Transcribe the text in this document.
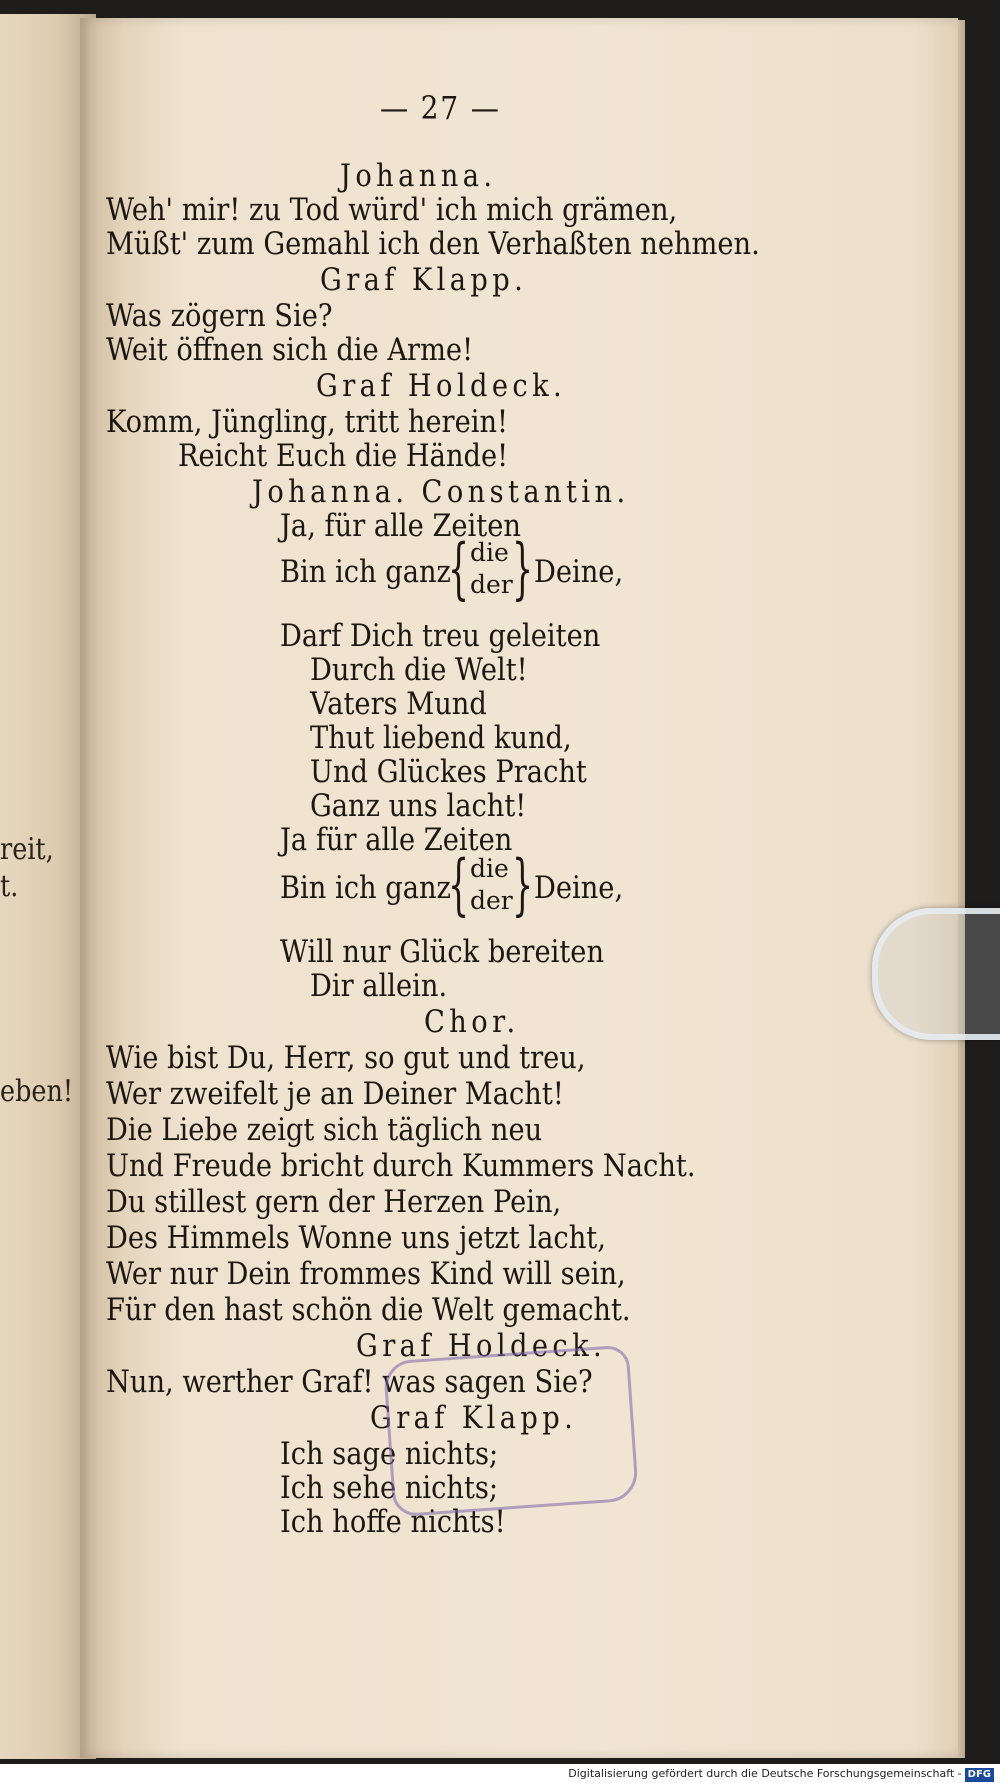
reit,
t.
eben!
— 27 —
Johanna.
Weh' mir! zu Tod würd' ich mich grämen,
Müßt' zum Gemahl ich den Verhaßten nehmen.
Graf Klapp.
Was zögern Sie?
Weit öffnen sich die Arme!
Graf Holdeck.
Komm, Jüngling, tritt herein!
Reicht Euch die Hände!
Johanna. Constantin.
Ja, für alle Zeiten
Bin ich ganz
{ die
der } Deine,
Darf Dich treu geleiten
Durch die Welt!
Vaters Mund
Thut liebend kund,
Und Glückes Pracht
Ganz uns lacht!
Ja für alle Zeiten
Bin ich ganz
{ die
der } Deine,
Will nur Glück bereiten
Dir allein.
Chor.
Wie bist Du, Herr, so gut und treu,
Wer zweifelt je an Deiner Macht!
Die Liebe zeigt sich täglich neu
Und Freude bricht durch Kummers Nacht.
Du stillest gern der Herzen Pein,
Des Himmels Wonne uns jetzt lacht,
Wer nur Dein frommes Kind will sein,
Für den hast schön die Welt gemacht.
Graf Holdeck.
Nun, werther Graf! was sagen Sie?
Graf Klapp.
Ich sage nichts;
Ich sehe nichts;
Ich hoffe nichts!
Digitalisierung gefördert durch die Deutsche Forschungsgemeinschaft - DFG
